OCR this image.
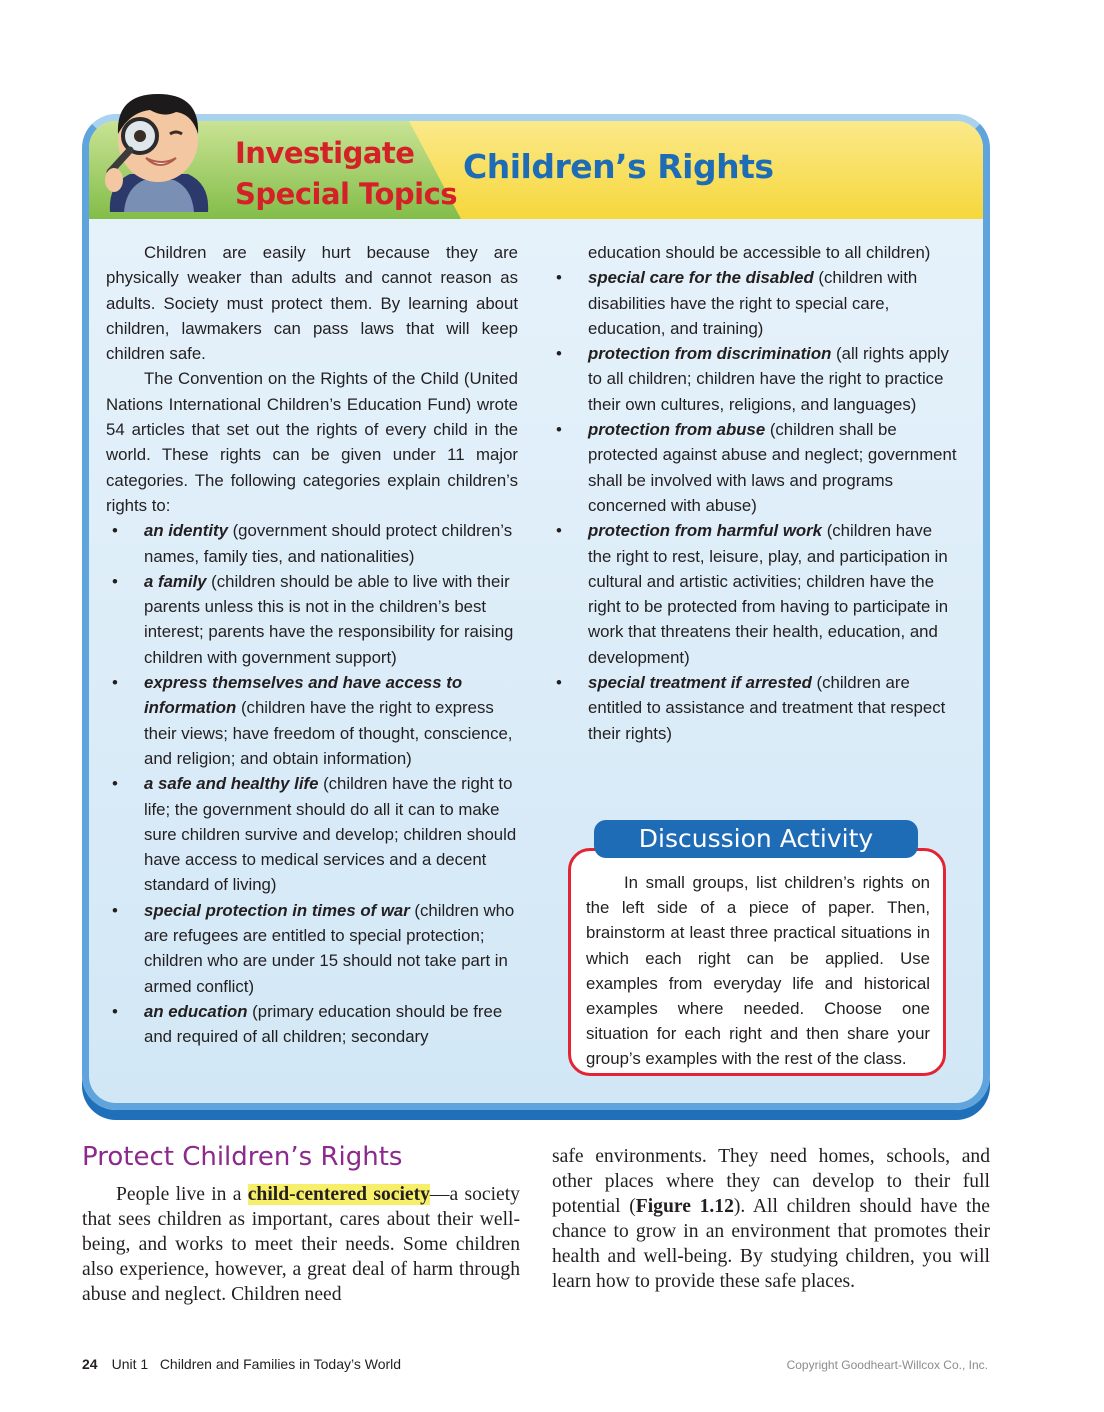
Investigate
Special Topics
Children’s Rights

Children are easily hurt because they are physically weaker than adults and cannot reason as adults. Society must protect them. By learning about children, lawmakers can pass laws that will keep children safe.

The Convention on the Rights of the Child (United Nations International Children’s Education Fund) wrote 54 articles that set out the rights of every child in the world. These rights can be given under 11 major categories. The following categories explain children’s rights to:

• an identity (government should protect children’s names, family ties, and nationalities)
• a family (children should be able to live with their parents unless this is not in the children’s best interest; parents have the responsibility for raising children with government support)
• express themselves and have access to information (children have the right to express their views; have freedom of thought, conscience, and religion; and obtain information)
• a safe and healthy life (children have the right to life; the government should do all it can to make sure children survive and develop; children should have access to medical services and a decent standard of living)
• special protection in times of war (children who are refugees are entitled to special protection; children who are under 15 should not take part in armed conflict)
• an education (primary education should be free and required of all children; secondary
education should be accessible to all children)
• special care for the disabled (children with disabilities have the right to special care, education, and training)
• protection from discrimination (all rights apply to all children; children have the right to practice their own cultures, religions, and languages)
• protection from abuse (children shall be protected against abuse and neglect; government shall be involved with laws and programs concerned with abuse)
• protection from harmful work (children have the right to rest, leisure, play, and participation in cultural and artistic activities; children have the right to be protected from having to participate in work that threatens their health, education, and development)
• special treatment if arrested (children are entitled to assistance and treatment that respect their rights)
Discussion Activity

In small groups, list children’s rights on the left side of a piece of paper. Then, brainstorm at least three practical situations in which each right can be applied. Use examples from everyday life and historical examples where needed. Choose one situation for each right and then share your group’s examples with the rest of the class.

Protect Children’s Rights

People live in a child-centered society—a society that sees children as important, cares about their well-being, and works to meet their needs. Some children also experience, however, a great deal of harm through abuse and neglect. Children need

safe environments. They need homes, schools, and other places where they can develop to their full potential (Figure 1.12). All children should have the chance to grow in an environment that promotes their health and well-being. By studying children, you will learn how to provide these safe places.

24 Unit 1   Children and Families in Today’s World	Copyright Goodheart-Willcox Co., Inc.
